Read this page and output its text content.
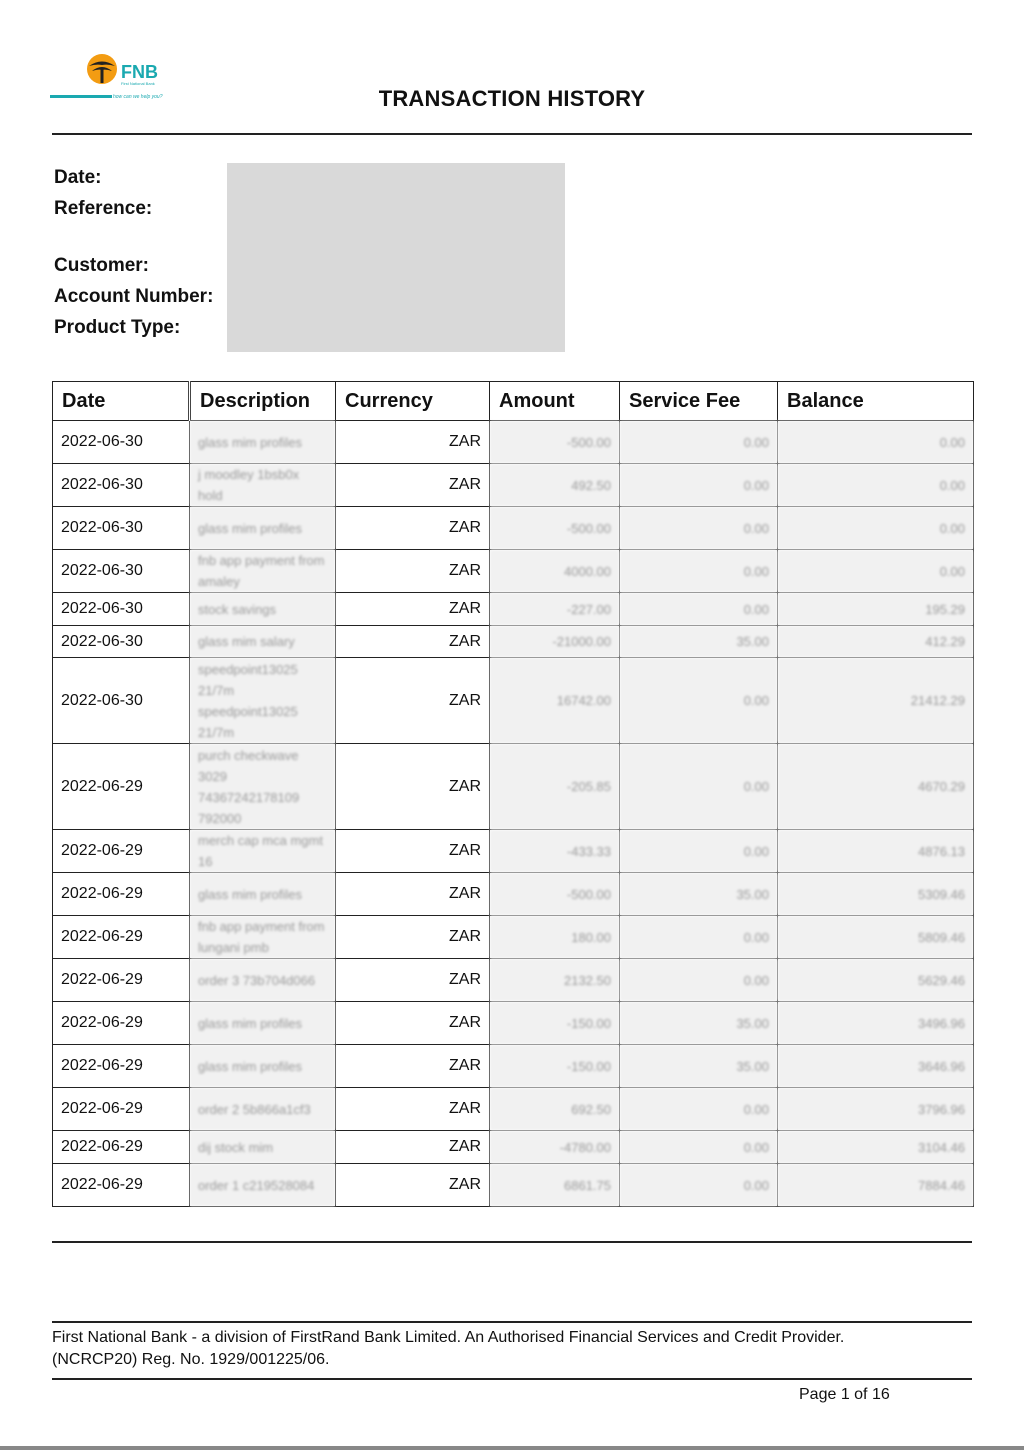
FNB
First National Bank
how can we help you?	TRANSACTION HISTORY
Date:
Reference:
Customer:
Account Number:
Product Type:
Date	Description	Currency	Amount	Service Fee	Balance
2022-06-30	glass mim profiles	ZAR	-500.00	0.00	0.00
2022-06-30	j moodley 1bsb0x hold	ZAR	492.50	0.00	0.00
2022-06-30	glass mim profiles	ZAR	-500.00	0.00	0.00
2022-06-30	fnb app payment from amaley	ZAR	4000.00	0.00	0.00
2022-06-30	stock savings	ZAR	-227.00	0.00	195.29
2022-06-30	glass mim salary	ZAR	-21000.00	35.00	412.29
2022-06-30	speedpoint13025 21/7m speedpoint13025 21/7m	ZAR	16742.00	0.00	21412.29
2022-06-29	purch checkwave 3029 74367242178109 792000	ZAR	-205.85	0.00	4670.29
2022-06-29	merch cap mca mgmt 16	ZAR	-433.33	0.00	4876.13
2022-06-29	glass mim profiles	ZAR	-500.00	35.00	5309.46
2022-06-29	fnb app payment from lungani pmb	ZAR	180.00	0.00	5809.46
2022-06-29	order 3 73b704d066	ZAR	2132.50	0.00	5629.46
2022-06-29	glass mim profiles	ZAR	-150.00	35.00	3496.96
2022-06-29	glass mim profiles	ZAR	-150.00	35.00	3646.96
2022-06-29	order 2 5b866a1cf3	ZAR	692.50	0.00	3796.96
2022-06-29	dij stock mim	ZAR	-4780.00	0.00	3104.46
2022-06-29	order 1 c219528084	ZAR	6861.75	0.00	7884.46
First National Bank - a division of FirstRand Bank Limited. An Authorised Financial Services and Credit Provider.
(NCRCP20) Reg. No. 1929/001225/06.
Page 1 of 16
